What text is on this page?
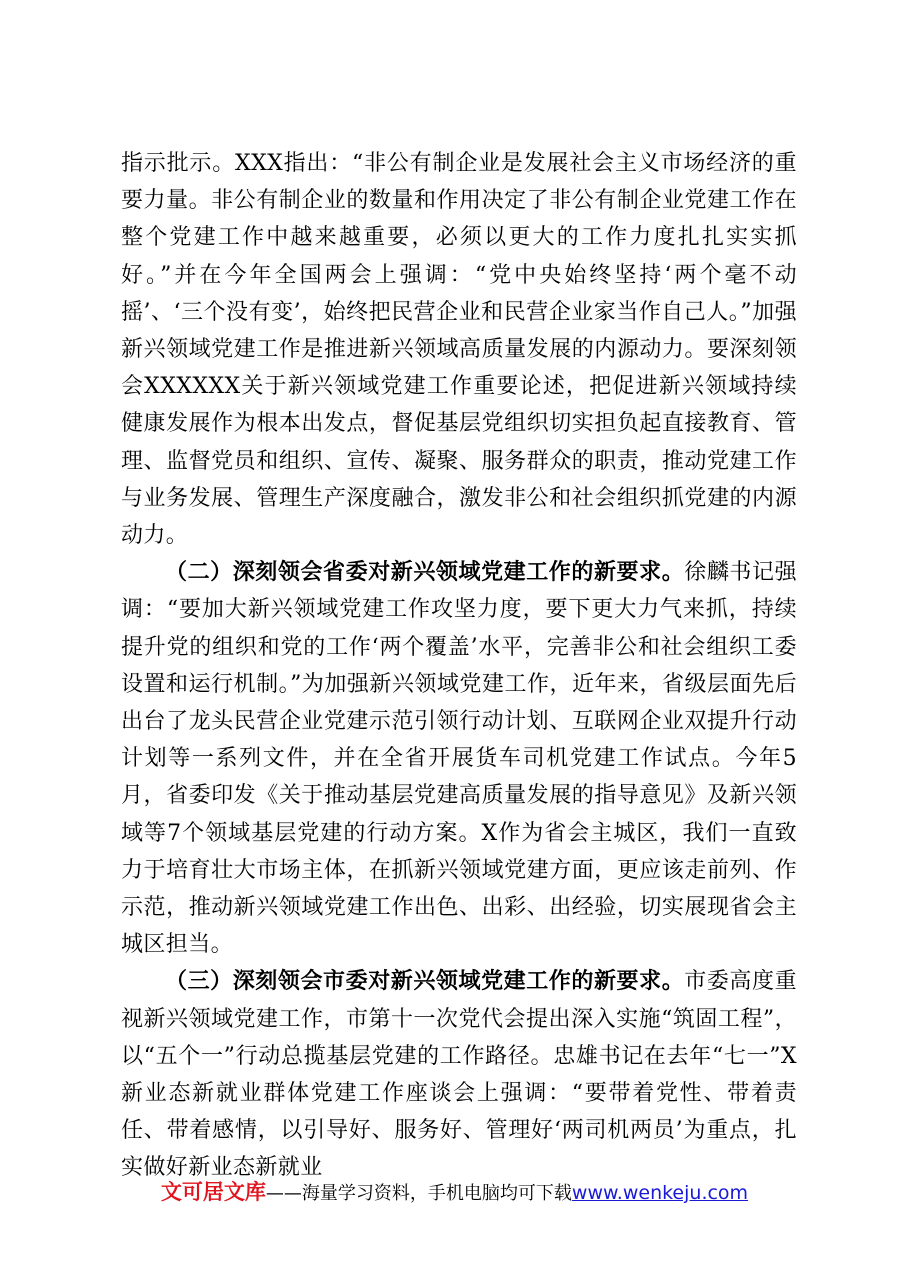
指示批示。XXX指出：“非公有制企业是发展社会主义市场经济的重要力量。非公有制企业的数量和作用决定了非公有制企业党建工作在整个党建工作中越来越重要，必须以更大的工作力度扎扎实实抓好。”并在今年全国两会上强调：“党中央始终坚持‘两个毫不动摇’、‘三个没有变’，始终把民营企业和民营企业家当作自己人。”加强新兴领域党建工作是推进新兴领域高质量发展的内源动力。要深刻领会XXXXXX关于新兴领域党建工作重要论述，把促进新兴领域持续健康发展作为根本出发点，督促基层党组织切实担负起直接教育、管理、监督党员和组织、宣传、凝聚、服务群众的职责，推动党建工作与业务发展、管理生产深度融合，激发非公和社会组织抓党建的内源动力。

（二）深刻领会省委对新兴领域党建工作的新要求。徐麟书记强调：“要加大新兴领域党建工作攻坚力度，要下更大力气来抓，持续提升党的组织和党的工作‘两个覆盖’水平，完善非公和社会组织工委设置和运行机制。”为加强新兴领域党建工作，近年来，省级层面先后出台了龙头民营企业党建示范引领行动计划、互联网企业双提升行动计划等一系列文件，并在全省开展货车司机党建工作试点。今年5月，省委印发《关于推动基层党建高质量发展的指导意见》及新兴领域等7个领域基层党建的行动方案。X作为省会主城区，我们一直致力于培育壮大市场主体，在抓新兴领域党建方面，更应该走前列、作示范，推动新兴领域党建工作出色、出彩、出经验，切实展现省会主城区担当。

（三）深刻领会市委对新兴领域党建工作的新要求。市委高度重视新兴领域党建工作，市第十一次党代会提出深入实施“筑固工程”，以“五个一”行动总揽基层党建的工作路径。忠雄书记在去年“七一”X新业态新就业群体党建工作座谈会上强调：“要带着党性、带着责任、带着感情，以引导好、服务好、管理好‘两司机两员’为重点，扎实做好新业态新就业

文可居文库——海量学习资料，手机电脑均可下载www.wenkeju.com
